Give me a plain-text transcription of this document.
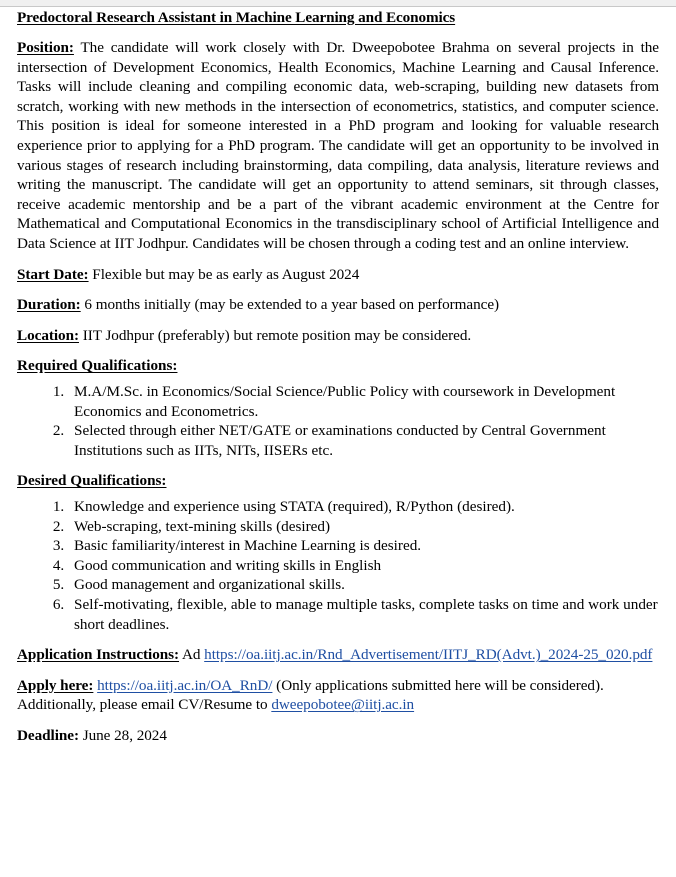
Predoctoral Research Assistant in Machine Learning and Economics

Position: The candidate will work closely with Dr. Dweepobotee Brahma on several projects in the intersection of Development Economics, Health Economics, Machine Learning and Causal Inference. Tasks will include cleaning and compiling economic data, web-scraping, building new datasets from scratch, working with new methods in the intersection of econometrics, statistics, and computer science. This position is ideal for someone interested in a PhD program and looking for valuable research experience prior to applying for a PhD program. The candidate will get an opportunity to be involved in various stages of research including brainstorming, data compiling, data analysis, literature reviews and writing the manuscript. The candidate will get an opportunity to attend seminars, sit through classes, receive academic mentorship and be a part of the vibrant academic environment at the Centre for Mathematical and Computational Economics in the transdisciplinary school of Artificial Intelligence and Data Science at IIT Jodhpur. Candidates will be chosen through a coding test and an online interview.

Start Date: Flexible but may be as early as August 2024

Duration: 6 months initially (may be extended to a year based on performance)

Location: IIT Jodhpur (preferably) but remote position may be considered.

Required Qualifications:
1. M.A/M.Sc. in Economics/Social Science/Public Policy with coursework in Development Economics and Econometrics.
2. Selected through either NET/GATE or examinations conducted by Central Government Institutions such as IITs, NITs, IISERs etc.
Desired Qualifications:
1. Knowledge and experience using STATA (required), R/Python (desired).
2. Web-scraping, text-mining skills (desired)
3. Basic familiarity/interest in Machine Learning is desired.
4. Good communication and writing skills in English
5. Good management and organizational skills.
6. Self-motivating, flexible, able to manage multiple tasks, complete tasks on time and work under short deadlines.

Application Instructions: Ad https://oa.iitj.ac.in/Rnd_Advertisement/IITJ_RD(Advt.)_2024-25_020.pdf

Apply here: https://oa.iitj.ac.in/OA_RnD/ (Only applications submitted here will be considered). Additionally, please email CV/Resume to dweepobotee@iitj.ac.in

Deadline: June 28, 2024
